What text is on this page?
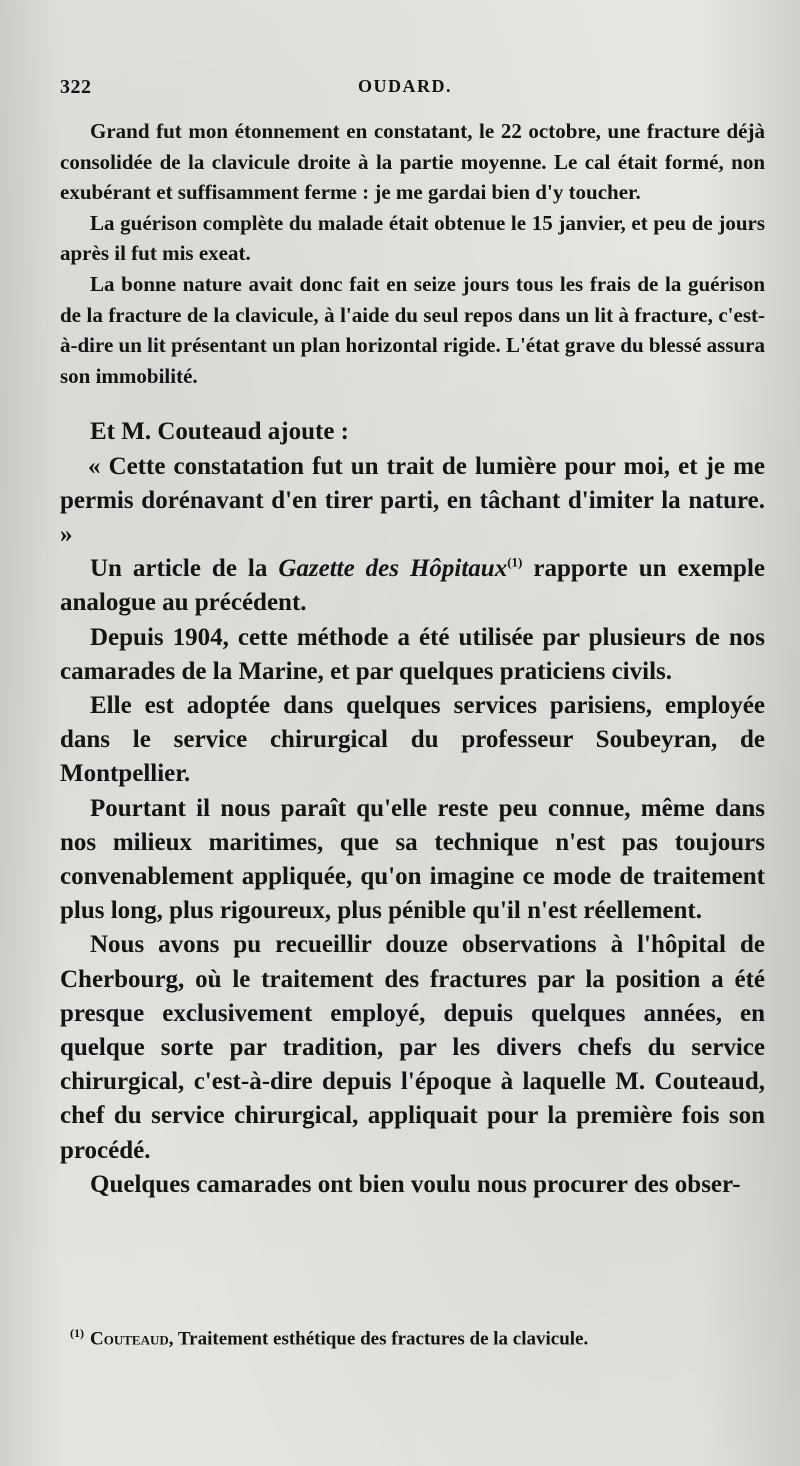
322	OUDARD.

Grand fut mon étonnement en constatant, le 22 octobre, une fracture déjà consolidée de la clavicule droite à la partie moyenne. Le cal était formé, non exubérant et suffisamment ferme : je me gardai bien d'y toucher.

La guérison complète du malade était obtenue le 15 janvier, et peu de jours après il fut mis exeat.

La bonne nature avait donc fait en seize jours tous les frais de la guérison de la fracture de la clavicule, à l'aide du seul repos dans un lit à fracture, c'est-à-dire un lit présentant un plan horizontal rigide. L'état grave du blessé assura son immobilité.

Et M. Couteaud ajoute :

« Cette constatation fut un trait de lumière pour moi, et je me permis dorénavant d'en tirer parti, en tâchant d'imiter la nature. »

Un article de la Gazette des Hôpitaux$^{(1)}$ rapporte un exemple analogue au précédent.

Depuis 1904, cette méthode a été utilisée par plusieurs de nos camarades de la Marine, et par quelques praticiens civils.

Elle est adoptée dans quelques services parisiens, employée dans le service chirurgical du professeur Soubeyran, de Montpellier.

Pourtant il nous paraît qu'elle reste peu connue, même dans nos milieux maritimes, que sa technique n'est pas toujours convenablement appliquée, qu'on imagine ce mode de traitement plus long, plus rigoureux, plus pénible qu'il n'est réellement.

Nous avons pu recueillir douze observations à l'hôpital de Cherbourg, où le traitement des fractures par la position a été presque exclusivement employé, depuis quelques années, en quelque sorte par tradition, par les divers chefs du service chirurgical, c'est-à-dire depuis l'époque à laquelle M. Couteaud, chef du service chirurgical, appliquait pour la première fois son procédé.

Quelques camarades ont bien voulu nous procurer des obser-

$^{(1)}$ Couteaud, Traitement esthétique des fractures de la clavicule.
